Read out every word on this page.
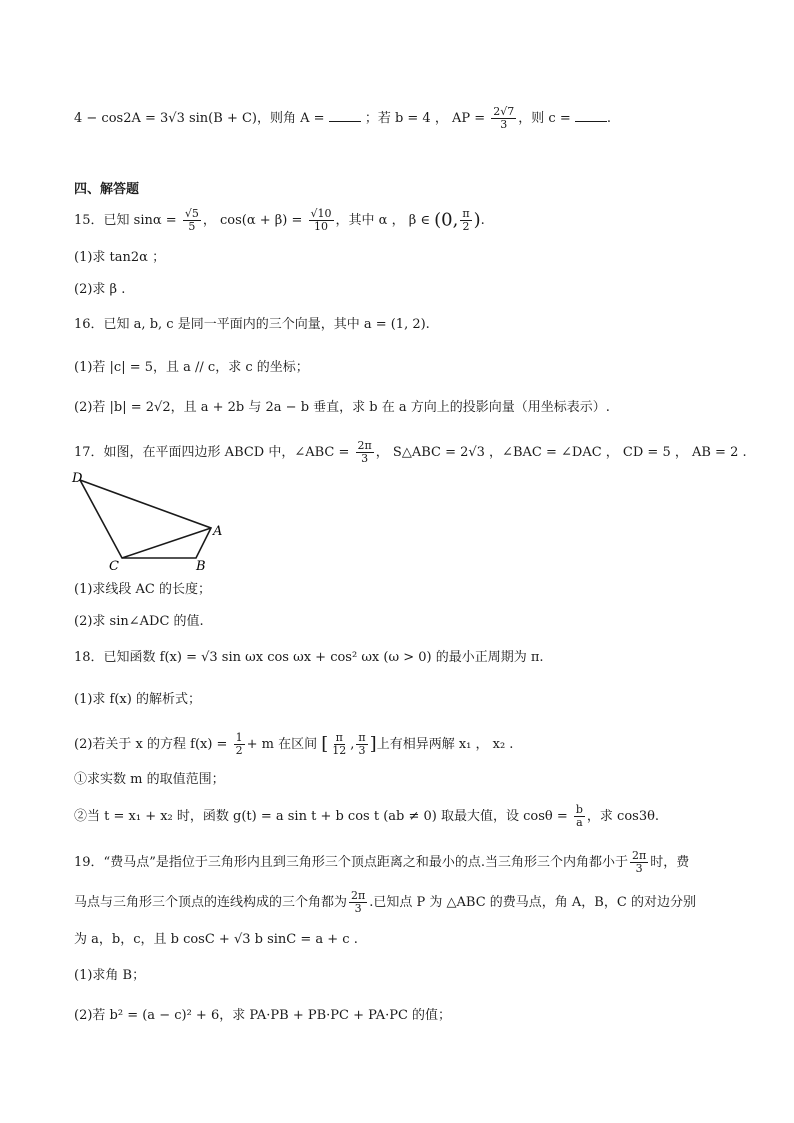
4 − cos2A = 3√3 sin(B + C)，则角 A =	；若 b = 4 ， AP = $\frac{2√7}{3}$ ，则 c =	.
四、解答题
15．已知 $\sin\alpha = \frac{√5}{5}$ ， $\cos(\alpha + \beta) = \frac{√10}{10}$ ，其中 α ， β ∈ (0, $\frac{\pi}{2}$ ).
(1)求 tan2α ；
(2)求 β .
16．已知 a, b, c 是同一平面内的三个向量，其中 a = (1, 2).
(1)若 |c| = 5，且 a // c，求 c 的坐标；
(2)若 |b| = 2√2，且 a + 2b 与 2a − b 垂直，求 b 在 a 方向上的投影向量（用坐标表示）.
17．如图，在平面四边形 ABCD 中，∠ABC = $\frac{2\pi}{3}$ ， S△ABC = 2√3 ，∠BAC = ∠DAC ， CD = 5 ， AB = 2 .
D
A
B
C
(1)求线段 AC 的长度；
(2)求 sin∠ADC 的值.
18．已知函数 f(x) = √3 sin ωx cos ωx + cos² ωx (ω > 0) 的最小正周期为 π.
(1)求 f(x) 的解析式；
(2)若关于 x 的方程 $f(x) = \frac{1}{2} + m$ 在区间 [ $\frac{\pi}{12}$ , $\frac{\pi}{3}$ ]上有相异两解 x₁ ， x₂ .
①求实数 m 的取值范围；
②当 t = x₁ + x₂ 时，函数 g(t) = a sin t + b cos t (ab ≠ 0) 取最大值，设 $\cos\theta = \frac{b}{a}$ ，求 cos3θ.
19．“费马点”是指位于三角形内且到三角形三个顶点距离之和最小的点.当三角形三个内角都小于 $\frac{2\pi}{3}$ 时，费
马点与三角形三个顶点的连线构成的三个角都为 $\frac{2\pi}{3}$ .已知点 P 为 △ABC 的费马点，角 A，B，C 的对边分别
为 a，b，c，且 b cosC + √3 b sinC = a + c .
(1)求角 B；
(2)若 b² = (a − c)² + 6，求 PA·PB + PB·PC + PA·PC 的值；
